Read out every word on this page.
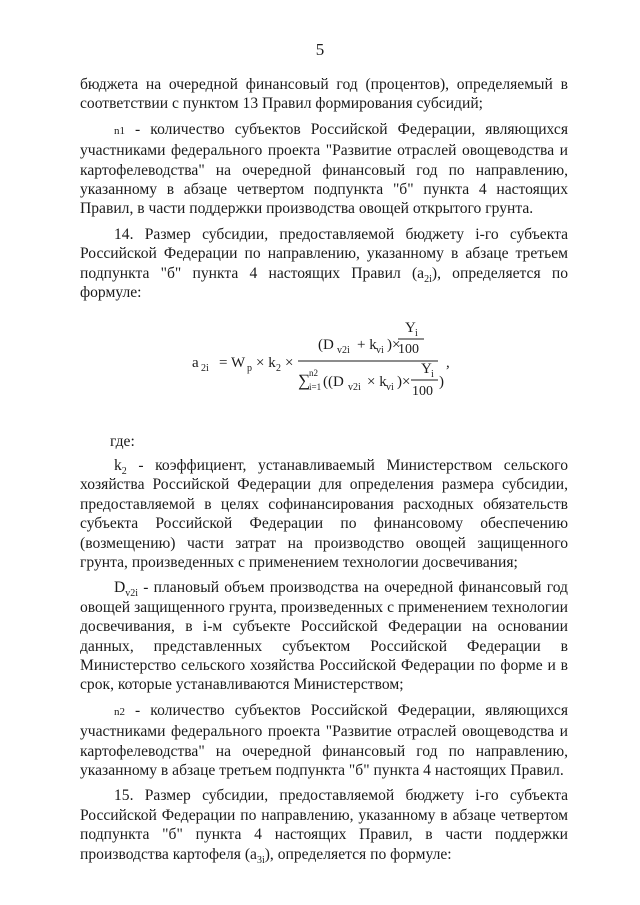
5

бюджета на очередной финансовый год (процентов), определяемый в соответствии с пунктом 13 Правил формирования субсидий;

n1 - количество субъектов Российской Федерации, являющихся участниками федерального проекта "Развитие отраслей овощеводства и картофелеводства" на очередной финансовый год по направлению, указанному в абзаце четвертом подпункта "б" пункта 4 настоящих Правил, в части поддержки производства овощей открытого грунта.

14. Размер субсидии, предоставляемой бюджету i-го субъекта Российской Федерации по направлению, указанному в абзаце третьем подпункта "б" пункта 4 настоящих Правил $(a_{2i})$, определяется по формуле:

a 2i = W p × k 2 ×
(D v2i + k vi )×
Y i
100
∑
n2
i=1 ((D v2i × k vi )×
Y i
100
)
,

где:

$k_2$ - коэффициент, устанавливаемый Министерством сельского хозяйства Российской Федерации для определения размера субсидии, предоставляемой в целях софинансирования расходных обязательств субъекта Российской Федерации по финансовому обеспечению (возмещению) части затрат на производство овощей защищенного грунта, произведенных с применением технологии досвечивания;

$D_{v2i}$ - плановый объем производства на очередной финансовый год овощей защищенного грунта, произведенных с применением технологии досвечивания, в i-м субъекте Российской Федерации на основании данных, представленных субъектом Российской Федерации в Министерство сельского хозяйства Российской Федерации по форме и в срок, которые устанавливаются Министерством;

n2 - количество субъектов Российской Федерации, являющихся участниками федерального проекта "Развитие отраслей овощеводства и картофелеводства" на очередной финансовый год по направлению, указанному в абзаце третьем подпункта "б" пункта 4 настоящих Правил.

15. Размер субсидии, предоставляемой бюджету i-го субъекта Российской Федерации по направлению, указанному в абзаце четвертом подпункта "б" пункта 4 настоящих Правил, в части поддержки производства картофеля $(a_{3i})$, определяется по формуле:
